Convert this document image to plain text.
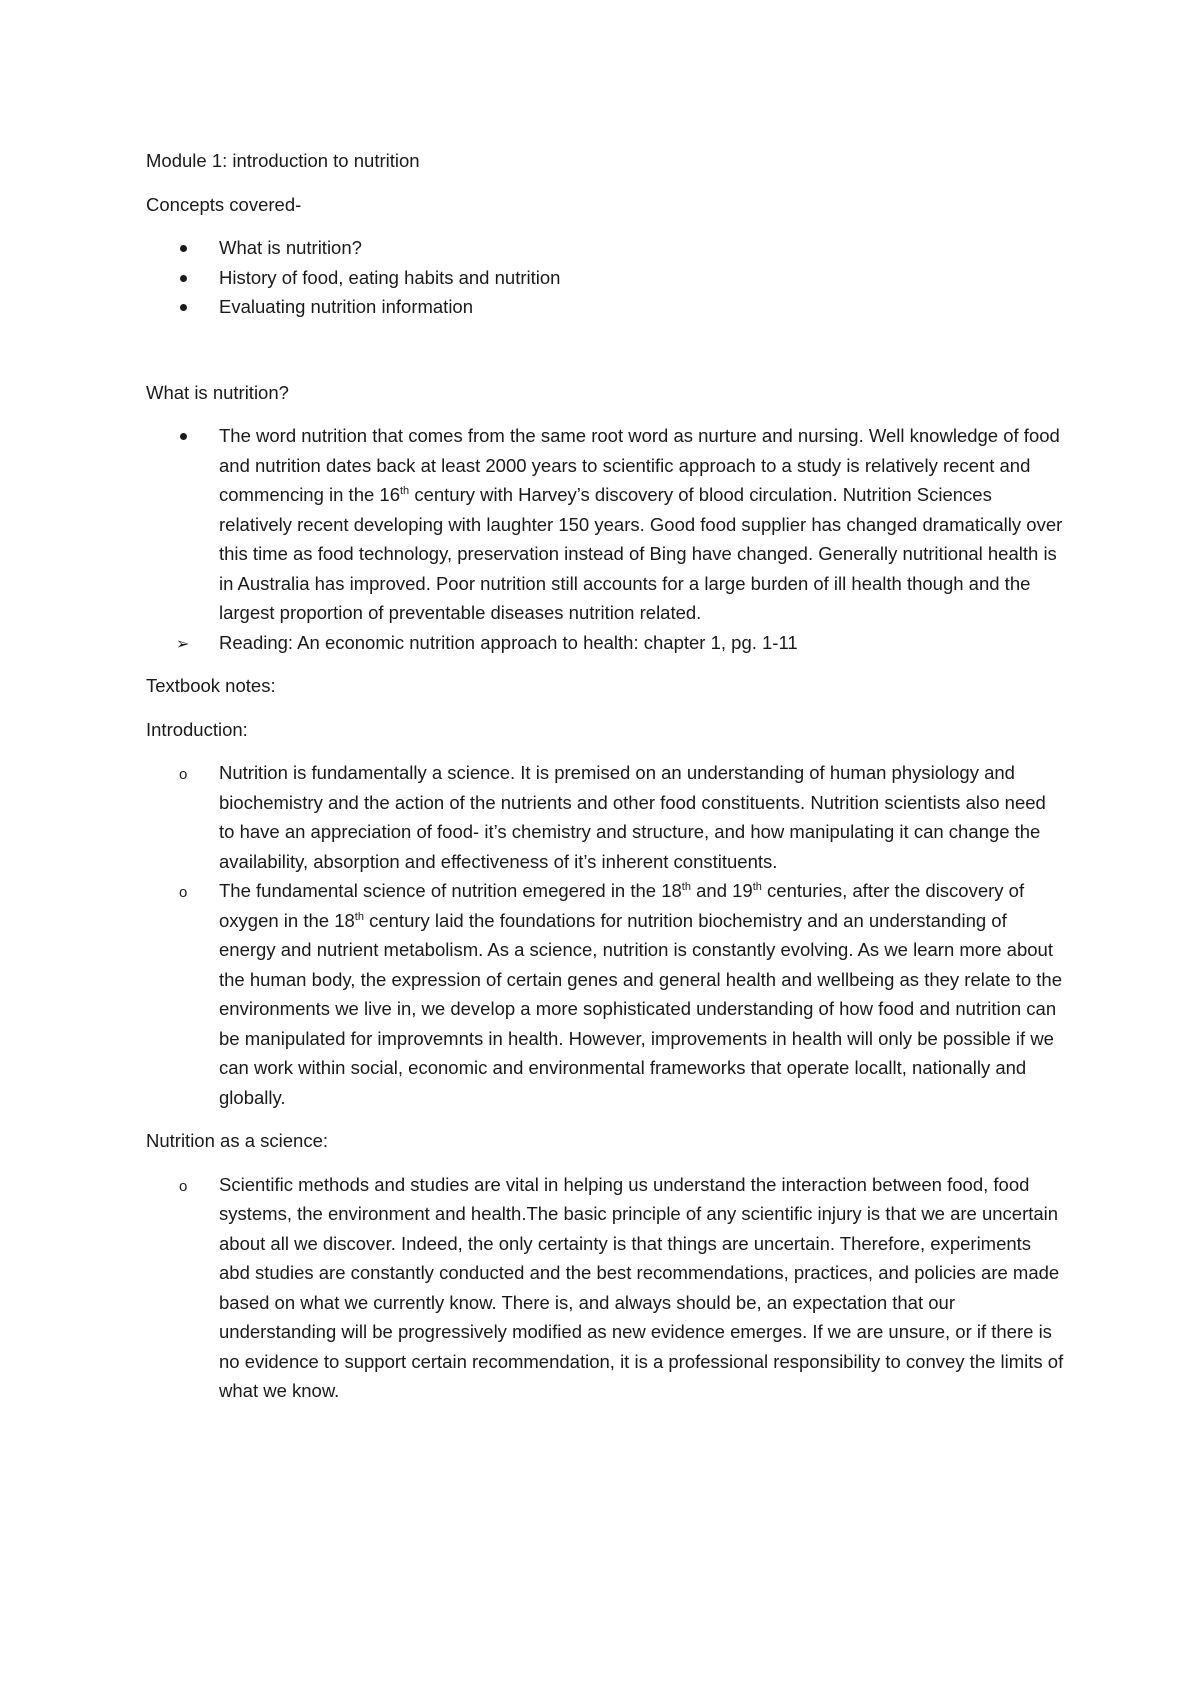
Module 1: introduction to nutrition

Concepts covered-

What is nutrition?
History of food, eating habits and nutrition
Evaluating nutrition information

What is nutrition?

The word nutrition that comes from the same root word as nurture and nursing. Well knowledge of food and nutrition dates back at least 2000 years to scientific approach to a study is relatively recent and commencing in the 16th century with Harvey’s discovery of blood circulation. Nutrition Sciences relatively recent developing with laughter 150 years. Good food supplier has changed dramatically over this time as food technology, preservation instead of Bing have changed. Generally nutritional health is in Australia has improved. Poor nutrition still accounts for a large burden of ill health though and the largest proportion of preventable diseases nutrition related.
➢	Reading: An economic nutrition approach to health: chapter 1, pg. 1-11

Textbook notes:

Introduction:

o	Nutrition is fundamentally a science. It is premised on an understanding of human physiology and biochemistry and the action of the nutrients and other food constituents. Nutrition scientists also need to have an appreciation of food- it’s chemistry and structure, and how manipulating it can change the availability, absorption and effectiveness of it’s inherent constituents.
o	The fundamental science of nutrition emegered in the 18th and 19th centuries, after the discovery of oxygen in the 18th century laid the foundations for nutrition biochemistry and an understanding of energy and nutrient metabolism. As a science, nutrition is constantly evolving. As we learn more about the human body, the expression of certain genes and general health and wellbeing as they relate to the environments we live in, we develop a more sophisticated understanding of how food and nutrition can be manipulated for improvemnts in health. However, improvements in health will only be possible if we can work within social, economic and environmental frameworks that operate locallt, nationally and globally.

Nutrition as a science:

o	Scientific methods and studies are vital in helping us understand the interaction between food, food systems, the environment and health.The basic principle of any scientific injury is that we are uncertain about all we discover. Indeed, the only certainty is that things are uncertain. Therefore, experiments abd studies are constantly conducted and the best recommendations, practices, and policies are made based on what we currently know. There is, and always should be, an expectation that our understanding will be progressively modified as new evidence emerges. If we are unsure, or if there is no evidence to support certain recommendation, it is a professional responsibility to convey the limits of what we know.
